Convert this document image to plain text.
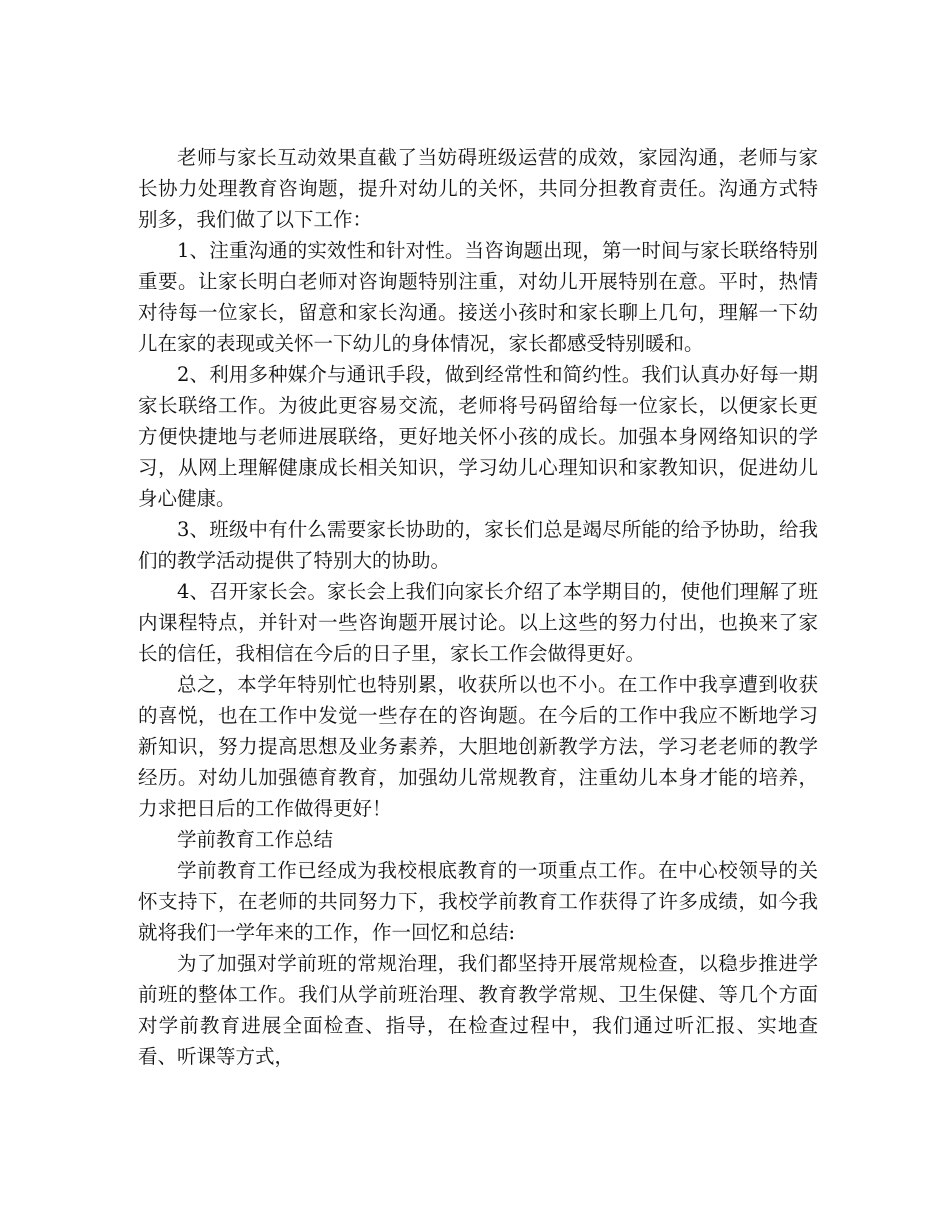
老师与家长互动效果直截了当妨碍班级运营的成效，家园沟通，老师与家长协力处理教育咨询题，提升对幼儿的关怀，共同分担教育责任。沟通方式特别多，我们做了以下工作：

1、注重沟通的实效性和针对性。当咨询题出现，第一时间与家长联络特别重要。让家长明白老师对咨询题特别注重，对幼儿开展特别在意。平时，热情对待每一位家长，留意和家长沟通。接送小孩时和家长聊上几句，理解一下幼儿在家的表现或关怀一下幼儿的身体情况，家长都感受特别暖和。

2、利用多种媒介与通讯手段，做到经常性和简约性。我们认真办好每一期家长联络工作。为彼此更容易交流，老师将号码留给每一位家长，以便家长更方便快捷地与老师进展联络，更好地关怀小孩的成长。加强本身网络知识的学习，从网上理解健康成长相关知识，学习幼儿心理知识和家教知识，促进幼儿身心健康。

3、班级中有什么需要家长协助的，家长们总是竭尽所能的给予协助，给我们的教学活动提供了特别大的协助。

4、召开家长会。家长会上我们向家长介绍了本学期目的，使他们理解了班内课程特点，并针对一些咨询题开展讨论。以上这些的努力付出，也换来了家长的信任，我相信在今后的日子里，家长工作会做得更好。

总之，本学年特别忙也特别累，收获所以也不小。在工作中我享遭到收获的喜悦，也在工作中发觉一些存在的咨询题。在今后的工作中我应不断地学习新知识，努力提高思想及业务素养，大胆地创新教学方法，学习老老师的教学经历。对幼儿加强德育教育，加强幼儿常规教育，注重幼儿本身才能的培养，力求把日后的工作做得更好！

学前教育工作总结

学前教育工作已经成为我校根底教育的一项重点工作。在中心校领导的关怀支持下，在老师的共同努力下，我校学前教育工作获得了许多成绩，如今我就将我们一学年来的工作，作一回忆和总结:

为了加强对学前班的常规治理，我们都坚持开展常规检查，以稳步推进学前班的整体工作。我们从学前班治理、教育教学常规、卫生保健、等几个方面对学前教育进展全面检查、指导，在检查过程中，我们通过听汇报、实地查看、听课等方式，
